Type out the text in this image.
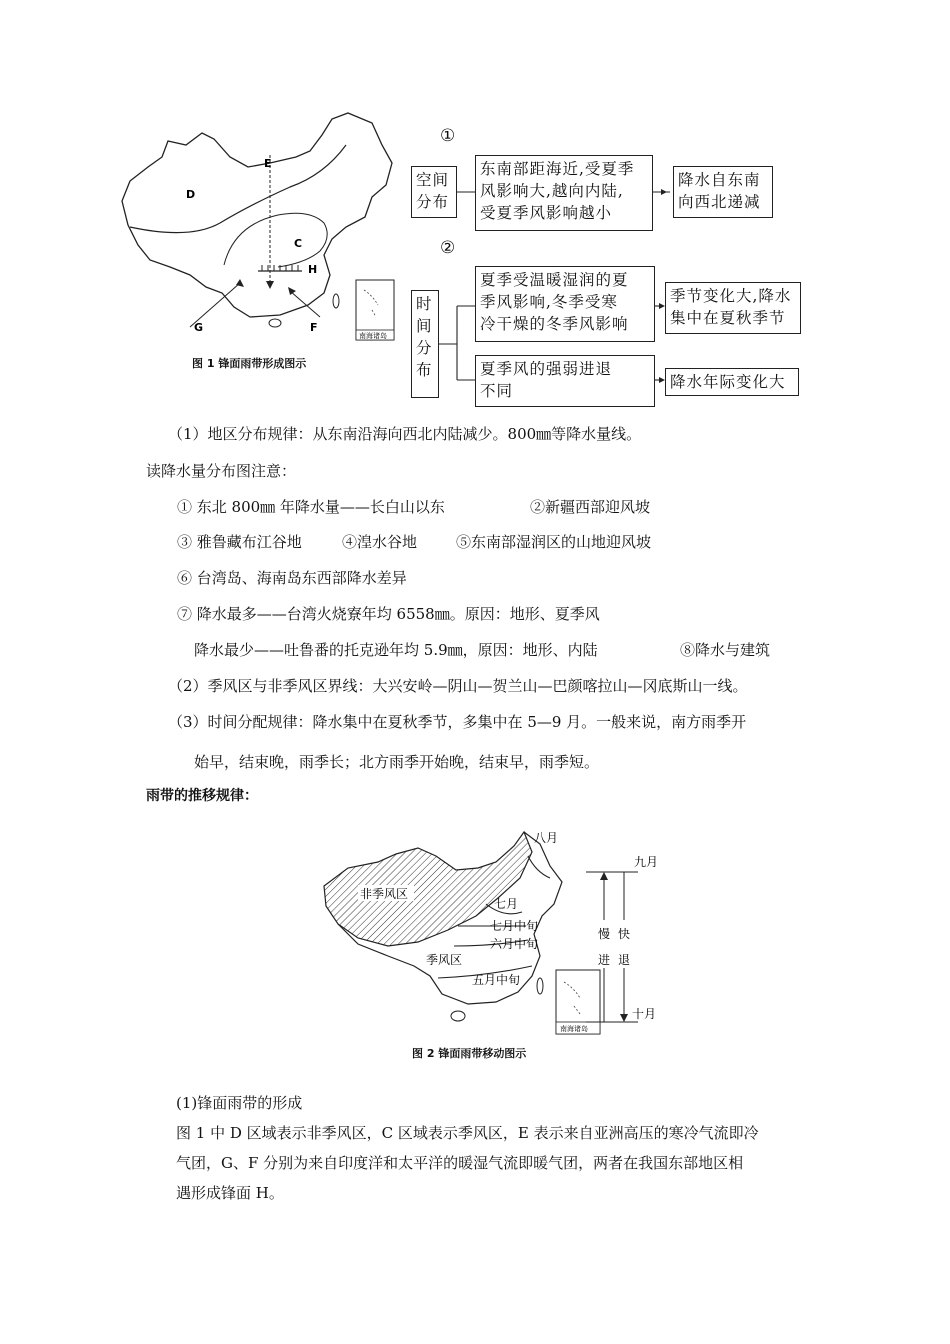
D
E
C
H
G	F
南海诸岛
图 1 锋面雨带形成图示
①
空间
分布
东南部距海近,受夏季
风影响大,越向内陆,
受夏季风影响越小
降水自东南
向西北递减
②
时
间
分
布
夏季受温暖湿润的夏
季风影响,冬季受寒
冷干燥的冬季风影响
季节变化大,降水
集中在夏秋季节
夏季风的强弱进退
不同	降水年际变化大
（1）地区分布规律：从东南沿海向西北内陆减少。800㎜等降水量线。
读降水量分布图注意：
① 东北 800㎜ 年降水量——长白山以东	②新疆西部迎风坡
③ 雅鲁藏布江谷地	④湟水谷地	⑤东南部湿润区的山地迎风坡
⑥ 台湾岛、海南岛东西部降水差异
⑦ 降水最多——台湾火烧寮年均 6558㎜。原因：地形、夏季风
降水最少——吐鲁番的托克逊年均 5.9㎜，原因：地形、内陆	⑧降水与建筑
（2）季风区与非季风区界线：大兴安岭—阴山—贺兰山—巴颜喀拉山—冈底斯山一线。
（3）时间分配规律：降水集中在夏秋季节，多集中在 5—9 月。一般来说，南方雨季开
始早，结束晚，雨季长；北方雨季开始晚，结束早，雨季短。
雨带的推移规律：
南海诸岛
非季风区
季风区
八月
七月
七月中旬
六月中旬
五月中旬
九月
十月
慢
进
快
退
图 2 锋面雨带移动图示
(1)锋面雨带的形成
图 1 中 D 区域表示非季风区，C 区域表示季风区，E 表示来自亚洲高压的寒冷气流即冷
气团，G、F 分别为来自印度洋和太平洋的暖湿气流即暖气团，两者在我国东部地区相
遇形成锋面 H。
